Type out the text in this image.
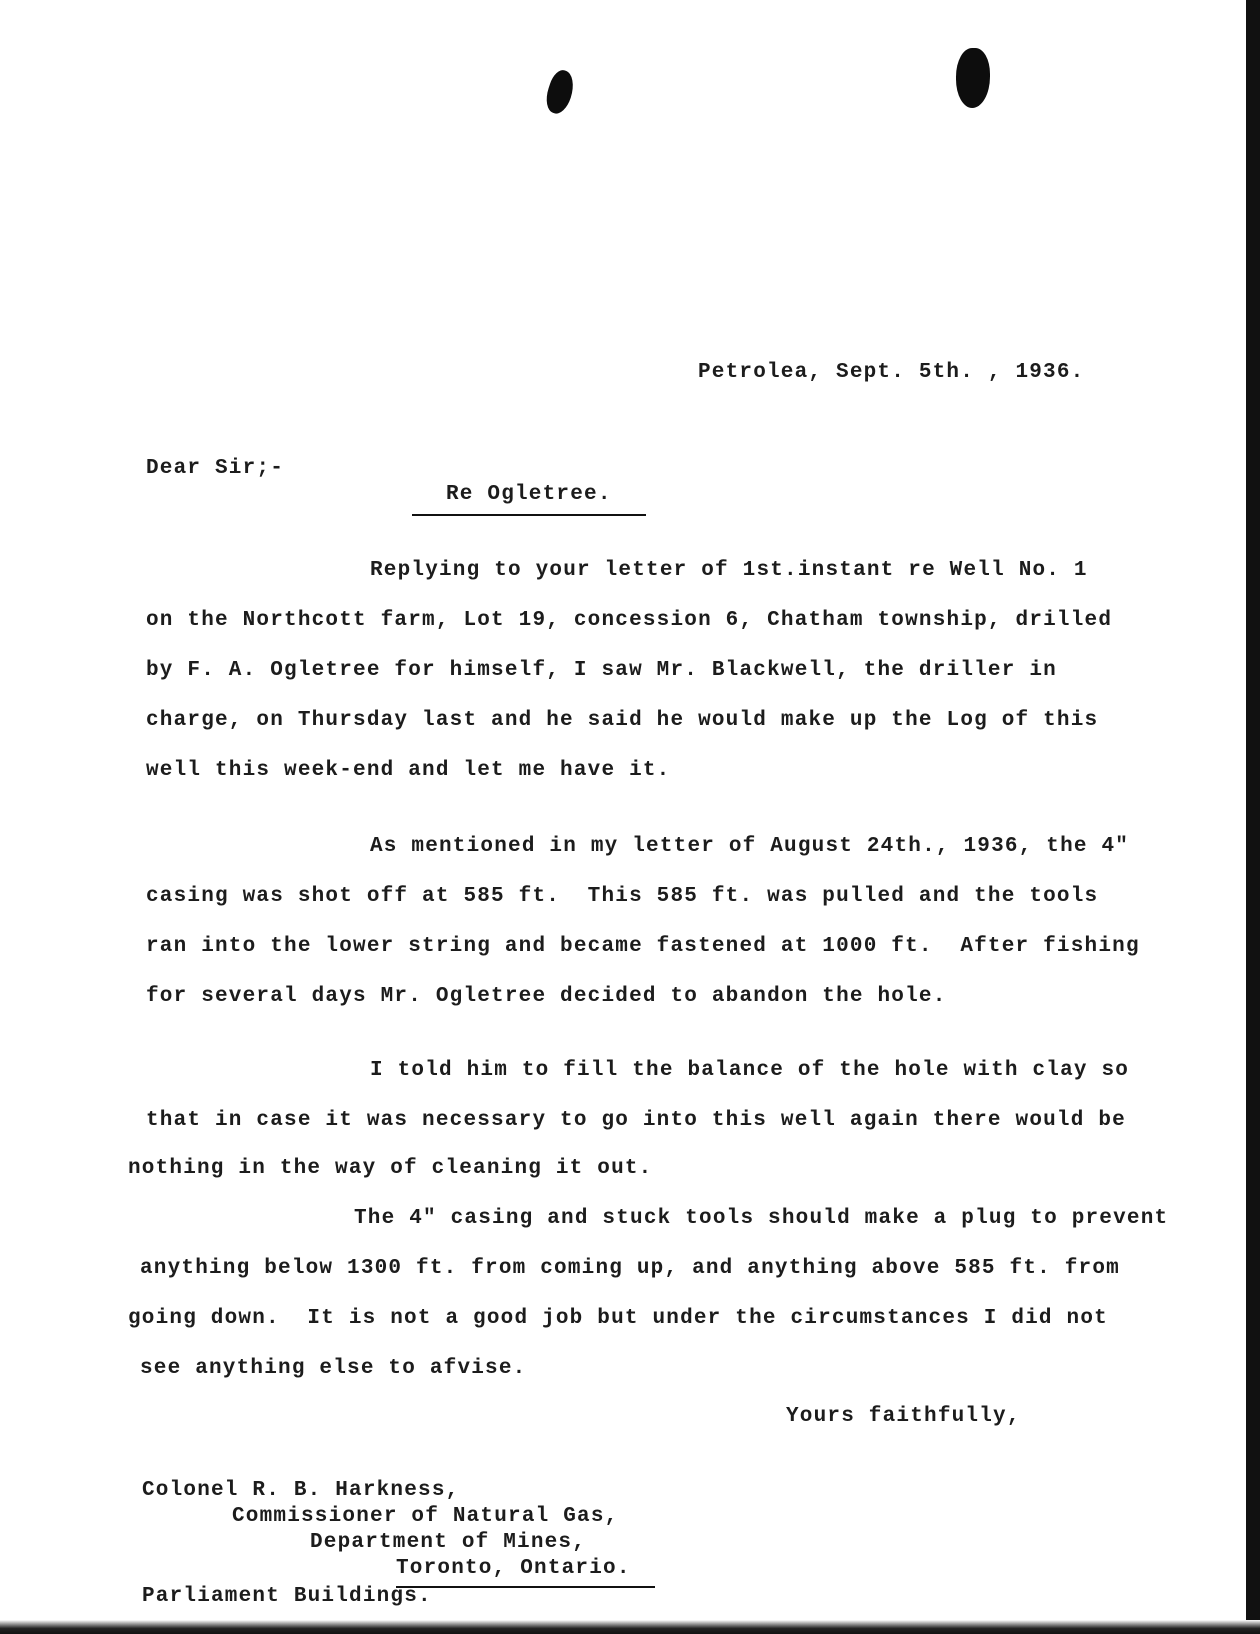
Petrolea, Sept. 5th. , 1936.
Dear Sir;-
Re Ogletree.
Replying to your letter of 1st.instant re Well No. 1
on the Northcott farm, Lot 19, concession 6, Chatham township, drilled
by F. A. Ogletree for himself, I saw Mr. Blackwell, the driller in
charge, on Thursday last and he said he would make up the Log of this
well this week-end and let me have it.
As mentioned in my letter of August 24th., 1936, the 4"
casing was shot off at 585 ft.  This 585 ft. was pulled and the tools
ran into the lower string and became fastened at 1000 ft.  After fishing
for several days Mr. Ogletree decided to abandon the hole.
I told him to fill the balance of the hole with clay so
that in case it was necessary to go into this well again there would be
nothing in the way of cleaning it out.
The 4" casing and stuck tools should make a plug to prevent
anything below 1300 ft. from coming up, and anything above 585 ft. from
going down.  It is not a good job but under the circumstances I did not
see anything else to afvise.
Yours faithfully,
Colonel R. B. Harkness,
Commissioner of Natural Gas,
Department of Mines,
Toronto, Ontario.
Parliament Buildings.
